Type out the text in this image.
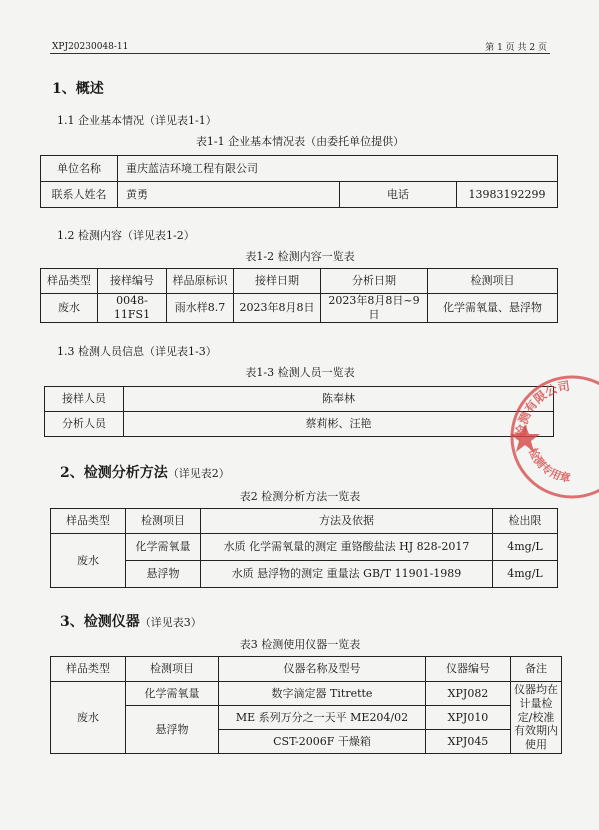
XPJ20230048-11	第 1 页 共 2 页
1、概述
1.1 企业基本情况（详见表1-1）
表1-1 企业基本情况表（由委托单位提供）
单位名称	重庆蓝洁环境工程有限公司		
联系人姓名	黄勇	电话	13983192299
1.2 检测内容（详见表1-2）
表1-2 检测内容一览表
样品类型	接样编号	样品原标识	接样日期	分析日期	检测项目
废水	0048-11FS1	雨水样8.7	2023年8月8日	2023年8月8日~9日	化学需氧量、悬浮物
1.3 检测人员信息（详见表1-3）
表1-3 检测人员一览表
接样人员	陈奉林
分析人员	蔡莉彬、汪艳
2、检测分析方法（详见表2）
表2 检测分析方法一览表
样品类型	检测项目	方法及依据	检出限
废水	化学需氧量	水质 化学需氧量的测定 重铬酸盐法 HJ 828-2017	4mg/L
	悬浮物	水质 悬浮物的测定 重量法 GB/T 11901-1989	4mg/L
3、检测仪器（详见表3）
表3 检测使用仪器一览表
样品类型	检测项目	仪器名称及型号	仪器编号	备注
废水	化学需氧量	数字滴定器 Titrette	XPJ082	仪器均在计量检定/校准有效期内使用
	悬浮物	ME 系列万分之一天平 ME204/02	XPJ010	
		CST-2006F 干燥箱	XPJ045	
检测有限公司
检测专用章
